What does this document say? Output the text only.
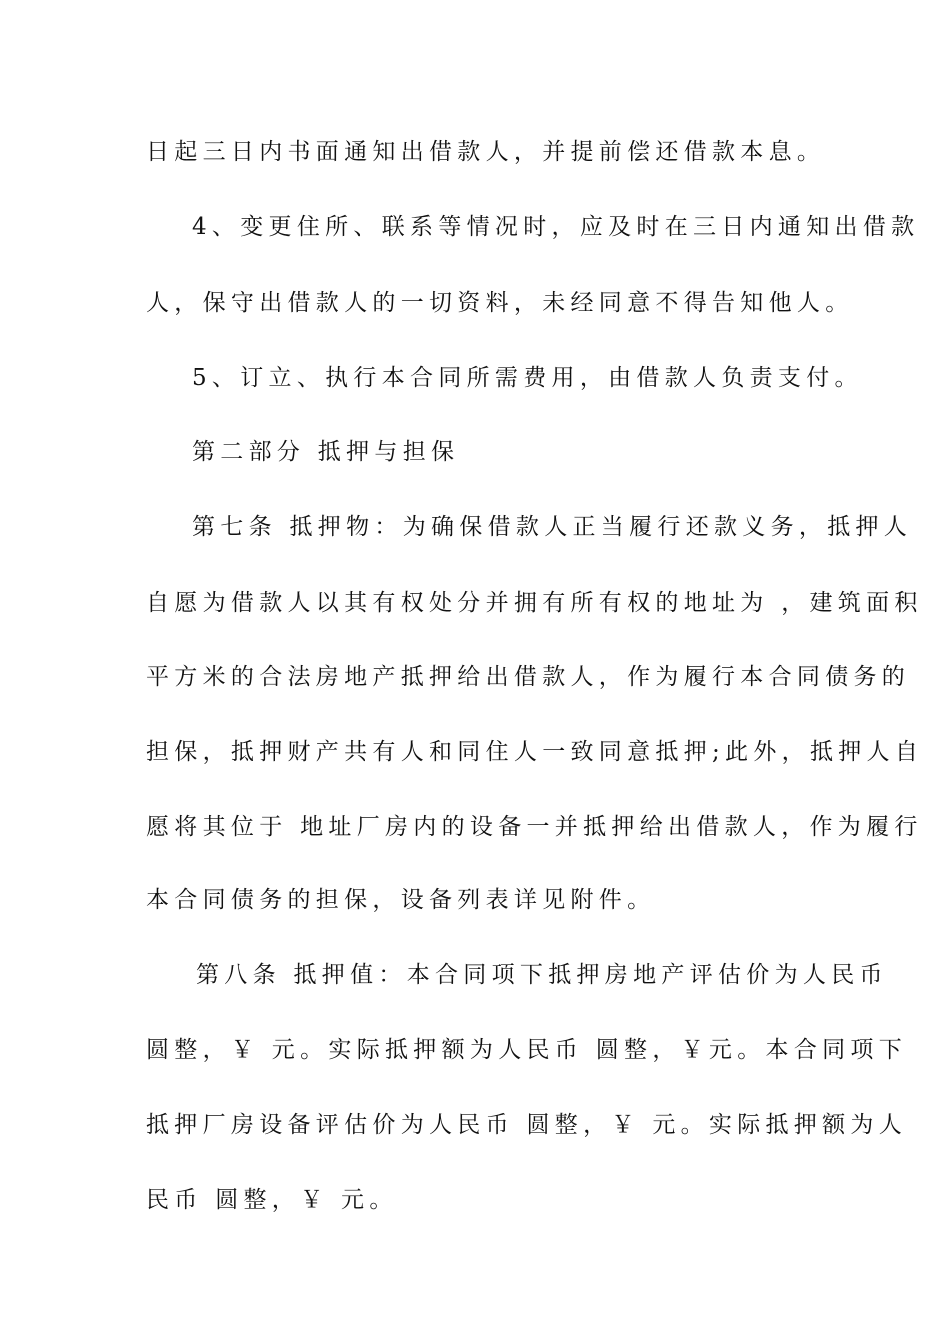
日起三日内书面通知出借款人，并提前偿还借款本息。
4、变更住所、联系等情况时，应及时在三日内通知出借款
人，保守出借款人的一切资料，未经同意不得告知他人。
5、订立、执行本合同所需费用，由借款人负责支付。
第二部分 抵押与担保
第七条 抵押物：为确保借款人正当履行还款义务，抵押人
自愿为借款人以其有权处分并拥有所有权的地址为 ，建筑面积
平方米的合法房地产抵押给出借款人，作为履行本合同债务的
担保，抵押财产共有人和同住人一致同意抵押;此外，抵押人自
愿将其位于 地址厂房内的设备一并抵押给出借款人，作为履行
本合同债务的担保，设备列表详见附件。
第八条 抵押值：本合同项下抵押房地产评估价为人民币
圆整，￥ 元。实际抵押额为人民币 圆整，￥元。本合同项下
抵押厂房设备评估价为人民币 圆整，￥ 元。实际抵押额为人
民币 圆整，￥ 元。
